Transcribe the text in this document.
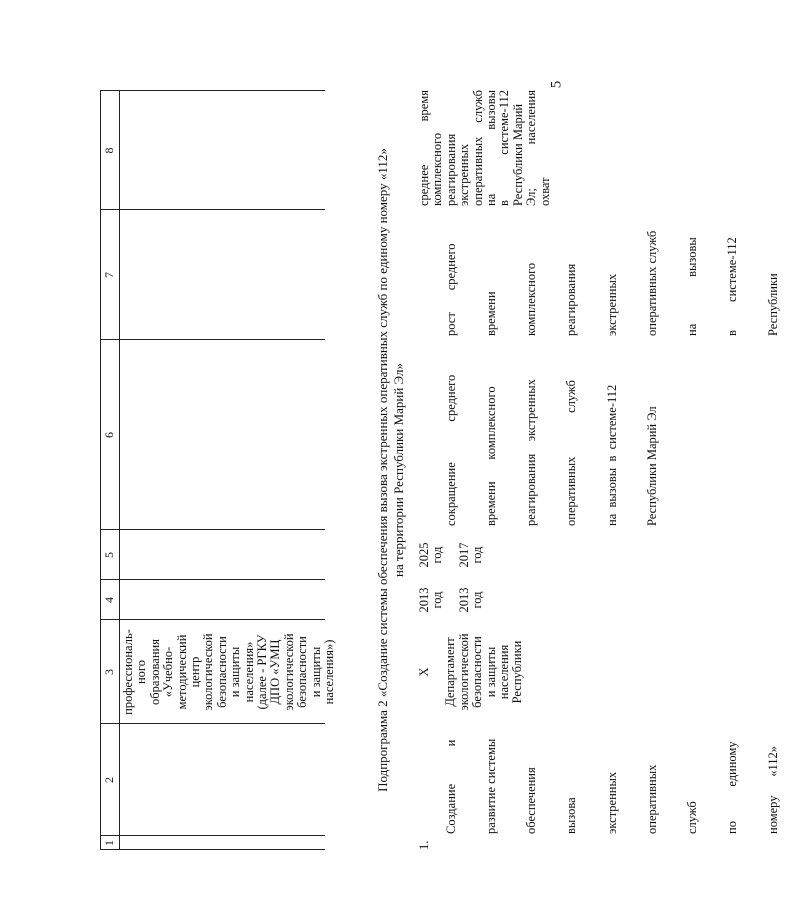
5
1
2
3
4
5
6
7
8
профессиональ- ного образования «Учебно- методический центр экологической безопасности и защиты населения» (далее - РГКУ ДПО «УМЦ экологической безопасности и защиты населения»)	Подпрограмма 2 «Создание системы обеспечения вызова экстренных оперативных служб по единому номеру «112» на территории Республики Марий Эл»
1.

Создание            и

развитие системы

обеспечения

вызова

экстренных

оперативных

служб

по           единому

номеру      «112»

Х Департамент экологической безопасности и защиты населения Республики
2013 год 2013 год
2025 год 2017 год

сокращение             среднего

времени       комплексного

реагирования    экстренных

оперативных              служб

на  вызовы  в  системе-112

Республики Марий Эл

рост       среднего

времени

комплексного

реагирования

экстренных

оперативных служб

на               вызовы

в         системе-112

Республики

среднее комплексного реагирования экстренных оперативных на в Республики Марий Эл; охват
время

	служб вызовы системе-112
населения
